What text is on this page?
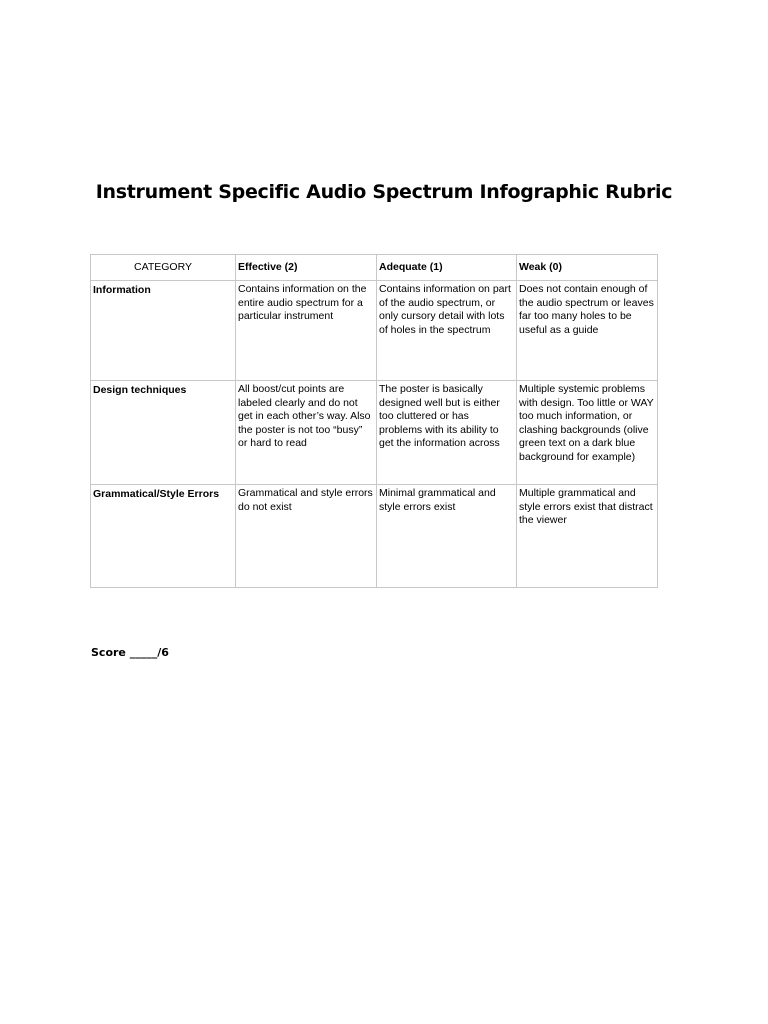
Instrument Specific Audio Spectrum Infographic Rubric
CATEGORY	Effective (2)	Adequate (1)	Weak (0)
Information	Contains information on the entire audio spectrum for a particular instrument	Contains information on part of the audio spectrum, or only cursory detail with lots of holes in the spectrum	Does not contain enough of the audio spectrum or leaves far too many holes to be useful as a guide
Design techniques	All boost/cut points are labeled clearly and do not get in each other’s way. Also the poster is not too “busy” or hard to read	The poster is basically designed well but is either too cluttered or has problems with its ability to get the information across	Multiple systemic problems with design. Too little or WAY too much information, or clashing backgrounds (olive green text on a dark blue background for example)
Grammatical/Style Errors	Grammatical and style errors do not exist	Minimal grammatical and style errors exist	Multiple grammatical and style errors exist that distract the viewer
Score _____/6
